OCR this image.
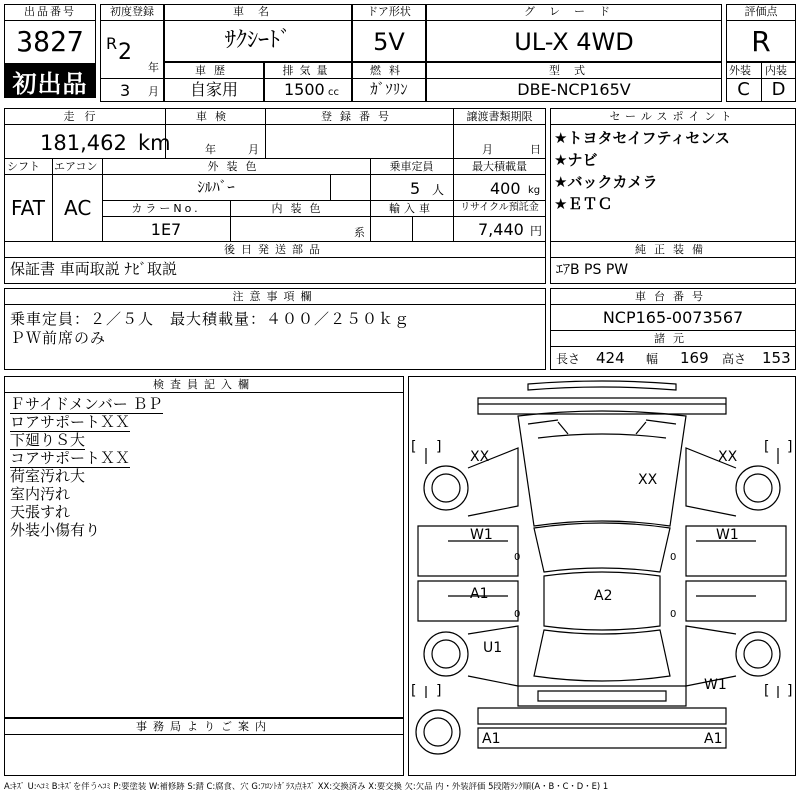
出品番号
3827
初出品
初度登録
R 2
年
3 月
車名
ｻｸｼｰﾄﾞ
ドア形状
5V
グレード
UL-X 4WD
評価点
R
車歴
自家用
排気量
1500 cc
燃料
ｶﾞｿﾘﾝ
型式
DBE-NCP165V
外装 内装
C	D
走行
181,462 km
車検
年	月
登録番号	譲渡書類期限
月	日
シフト
FAT
エアコン
AC
外装色
ｼﾙﾊﾞｰ
乗車定員
5 人
最大積載量
400 kg
カラーNo.
1E7
内装色
系
輸入車	リサイクル預託金
7,440 円
後日発送部品
保証書 車両取説 ﾅﾋﾞ取説
セールスポイント
★トヨタセイフティセンス
★ナビ
★バックカメラ
★ＥＴＣ
純正装備
ｴｱB PS PW
注意事項欄
乗車定員：２／５人　最大積載量：４００／２５０ｋｇ
ＰＷ前席のみ
車台番号
NCP165-0073567
諸元
長さ 424 幅 169 高さ 153
検査員記入欄
Ｆサイドメンバー ＢＰ
ロアサポートＸＸ
下廻りＳ大
コアサポートＸＸ
荷室汚れ大
室内汚れ
天張すれ
外装小傷有り
事務局よりご案内
[ ]	[ ]
[ ]	[ ]
XX	XX
XX
W1	W1
0	0
A1	A2
0	0
U1
W1
A1	A1
A:ｷｽﾞ U:ﾍｺﾐ B:ｷｽﾞを伴うﾍｺﾐ P:要塗装 W:補修跡 S:錆 C:腐食、穴 G:ﾌﾛﾝﾄｶﾞﾗｽ点ｷｽﾞ XX:交換済み X:要交換 欠:欠品 内・外装評価 5段階ﾗﾝｸ順(A・B・C・D・E) 1
